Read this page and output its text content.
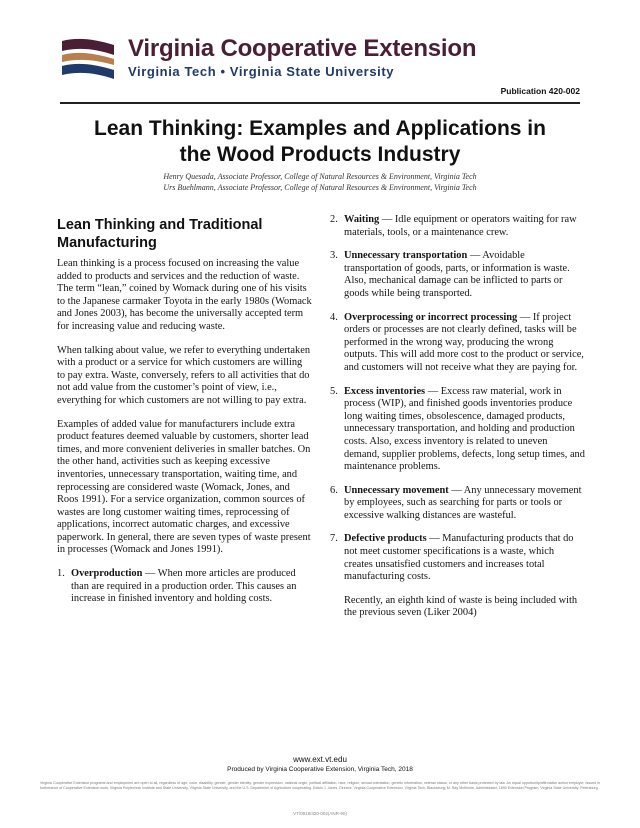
Virginia Cooperative Extension
Virginia Tech • Virginia State University
Publication 420-002
Lean Thinking: Examples and Applications in
the Wood Products Industry
Henry Quesada, Associate Professor, College of Natural Resources & Environment, Virginia Tech
Urs Buehlmann, Associate Professor, College of Natural Resources & Environment, Virginia Tech
Lean Thinking and Traditional Manufacturing

Lean thinking is a process focused on increasing the value added to products and services and the reduction of waste. The term “lean,” coined by Womack during one of his visits to the Japanese carmaker Toyota in the early 1980s (Womack and Jones 2003), has become the universally accepted term for increasing value and reducing waste.

When talking about value, we refer to everything undertaken with a product or a service for which customers are willing to pay extra. Waste, conversely, refers to all activities that do not add value from the customer’s point of view, i.e., everything for which customers are not willing to pay extra.

Examples of added value for manufacturers include extra product features deemed valuable by customers, shorter lead times, and more convenient deliveries in smaller batches. On the other hand, activities such as keeping excessive inventories, unnecessary transportation, waiting time, and reprocessing are considered waste (Womack, Jones, and Roos 1991). For a service organization, common sources of wastes are long customer waiting times, reprocessing of applications, incorrect automatic charges, and excessive paperwork. In general, there are seven types of waste present in processes (Womack and Jones 1991).

1. Overproduction — When more articles are produced than are required in a production order. This causes an increase in finished inventory and holding costs.
2. Waiting — Idle equipment or operators waiting for raw materials, tools, or a maintenance crew.
3. Unnecessary transportation — Avoidable transportation of goods, parts, or information is waste. Also, mechanical damage can be inflicted to parts or goods while being transported.
4. Overprocessing or incorrect processing — If project orders or processes are not clearly defined, tasks will be performed in the wrong way, producing the wrong outputs. This will add more cost to the product or service, and customers will not receive what they are paying for.
5. Excess inventories — Excess raw material, work in process (WIP), and finished goods inventories produce long waiting times, obsolescence, damaged products, unnecessary transportation, and holding and production costs. Also, excess inventory is related to uneven demand, supplier problems, defects, long setup times, and maintenance problems.
6. Unnecessary movement — Any unnecessary movement by employees, such as searching for parts or tools or excessive walking distances are wasteful.
7. Defective products — Manufacturing products that do not meet customer specifications is a waste, which creates unsatisfied customers and increases total manufacturing costs.

Recently, an eighth kind of waste is being included with the previous seven (Liker 2004)

www.ext.vt.edu
Produced by Virginia Cooperative Extension, Virginia Tech, 2018
Virginia Cooperative Extension programs and employment are open to all, regardless of age, color, disability, gender, gender identity, gender expression, national origin, political affiliation, race, religion, sexual orientation, genetic information, veteran status, or any other basis protected by law. An equal opportunity/affirmative action employer. Issued in furtherance of Cooperative Extension work, Virginia Polytechnic Institute and State University, Virginia State University, and the U.S. Department of Agriculture cooperating. Edwin J. Jones, Director, Virginia Cooperative Extension, Virginia Tech, Blacksburg; M. Ray McKinnie, Administrator, 1890 Extension Program, Virginia State University, Petersburg.
VT/0918/420-002(ANR-90)
